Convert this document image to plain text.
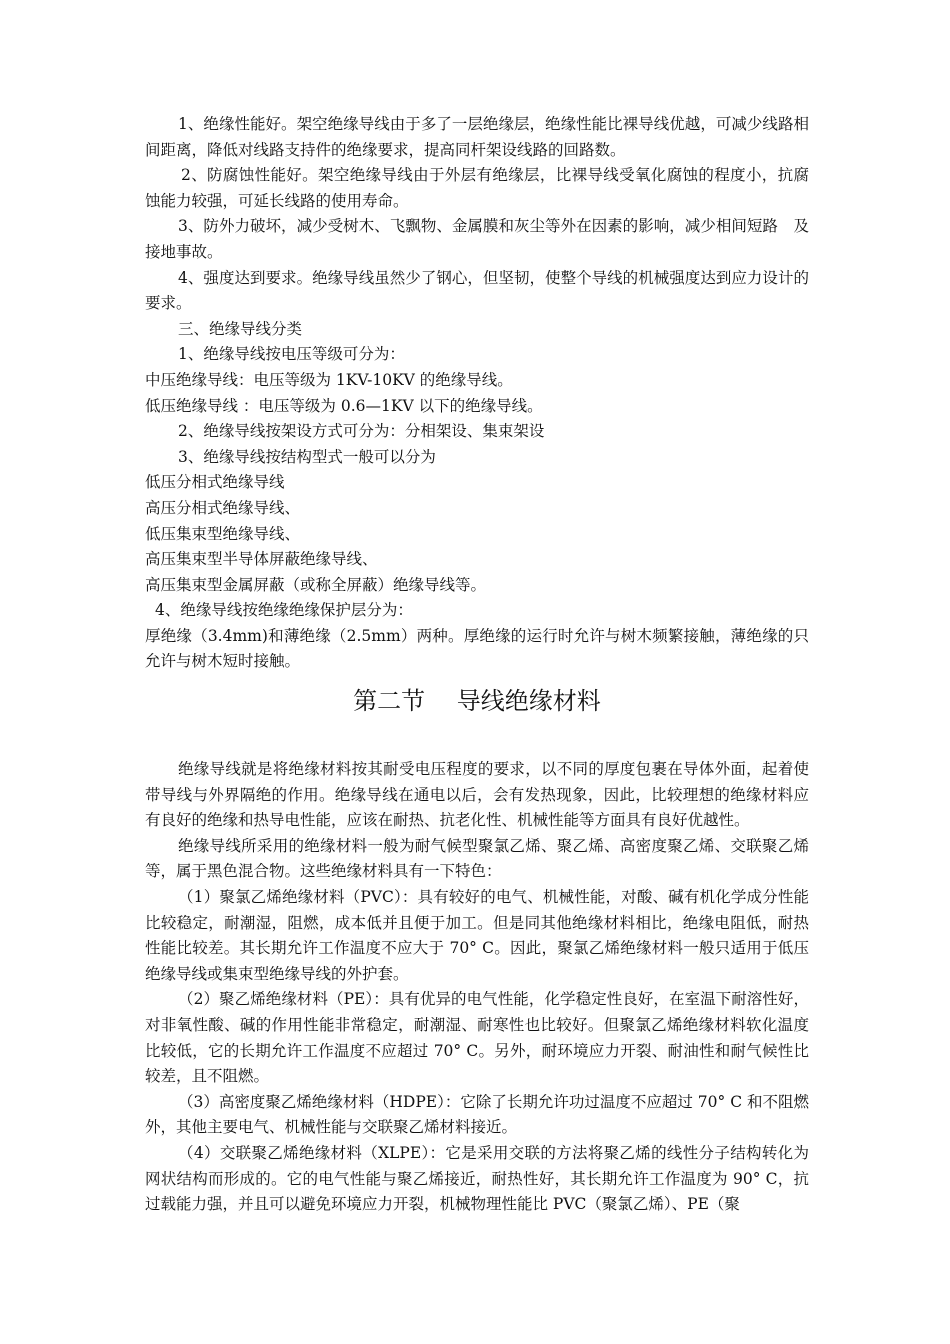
1、绝缘性能好。架空绝缘导线由于多了一层绝缘层，绝缘性能比裸导线优越，可减少线路相间距离，降低对线路支持件的绝缘要求，提高同杆架设线路的回路数。

2、防腐蚀性能好。架空绝缘导线由于外层有绝缘层，比裸导线受氧化腐蚀的程度小，抗腐蚀能力较强，可延长线路的使用寿命。

3、防外力破坏，减少受树木、飞飘物、金属膜和灰尘等外在因素的影响，减少相间短路　及接地事故。

4、强度达到要求。绝缘导线虽然少了钢心，但坚韧，使整个导线的机械强度达到应力设计的要求。

三、绝缘导线分类

1、绝缘导线按电压等级可分为：

中压绝缘导线：电压等级为 1KV-10KV 的绝缘导线。

低压绝缘导线 ：电压等级为 0.6—1KV 以下的绝缘导线。

2、绝缘导线按架设方式可分为：分相架设、集束架设

3、绝缘导线按结构型式一般可以分为

低压分相式绝缘导线

高压分相式绝缘导线、

低压集束型绝缘导线、

高压集束型半导体屏蔽绝缘导线、

高压集束型金属屏蔽（或称全屏蔽）绝缘导线等。

4、绝缘导线按绝缘绝缘保护层分为：

厚绝缘（3.4mm)和薄绝缘（2.5mm）两种。厚绝缘的运行时允许与树木频繁接触，薄绝缘的只允许与树木短时接触。

第二节　 导线绝缘材料

绝缘导线就是将绝缘材料按其耐受电压程度的要求，以不同的厚度包裹在导体外面，起着使带导线与外界隔绝的作用。绝缘导线在通电以后，会有发热现象，因此，比较理想的绝缘材料应有良好的绝缘和热导电性能，应该在耐热、抗老化性、机械性能等方面具有良好优越性。

绝缘导线所采用的绝缘材料一般为耐气候型聚氯乙烯、聚乙烯、高密度聚乙烯、交联聚乙烯等，属于黑色混合物。这些绝缘材料具有一下特色：

（1）聚氯乙烯绝缘材料（PVC）：具有较好的电气、机械性能，对酸、碱有机化学成分性能比较稳定，耐潮湿，阻燃，成本低并且便于加工。但是同其他绝缘材料相比，绝缘电阻低，耐热性能比较差。其长期允许工作温度不应大于 70° C。因此，聚氯乙烯绝缘材料一般只适用于低压绝缘导线或集束型绝缘导线的外护套。

（2）聚乙烯绝缘材料（PE）：具有优异的电气性能，化学稳定性良好，在室温下耐溶性好，对非氧性酸、碱的作用性能非常稳定，耐潮湿、耐寒性也比较好。但聚氯乙烯绝缘材料软化温度比较低，它的长期允许工作温度不应超过 70° C。另外，耐环境应力开裂、耐油性和耐气候性比较差，且不阻燃。

（3）高密度聚乙烯绝缘材料（HDPE）：它除了长期允许功过温度不应超过 70° C 和不阻燃外，其他主要电气、机械性能与交联聚乙烯材料接近。

（4）交联聚乙烯绝缘材料（XLPE）：它是采用交联的方法将聚乙烯的线性分子结构转化为网状结构而形成的。它的电气性能与聚乙烯接近，耐热性好，其长期允许工作温度为 90° C，抗过载能力强，并且可以避免环境应力开裂，机械物理性能比 PVC（聚氯乙烯）、PE（聚
